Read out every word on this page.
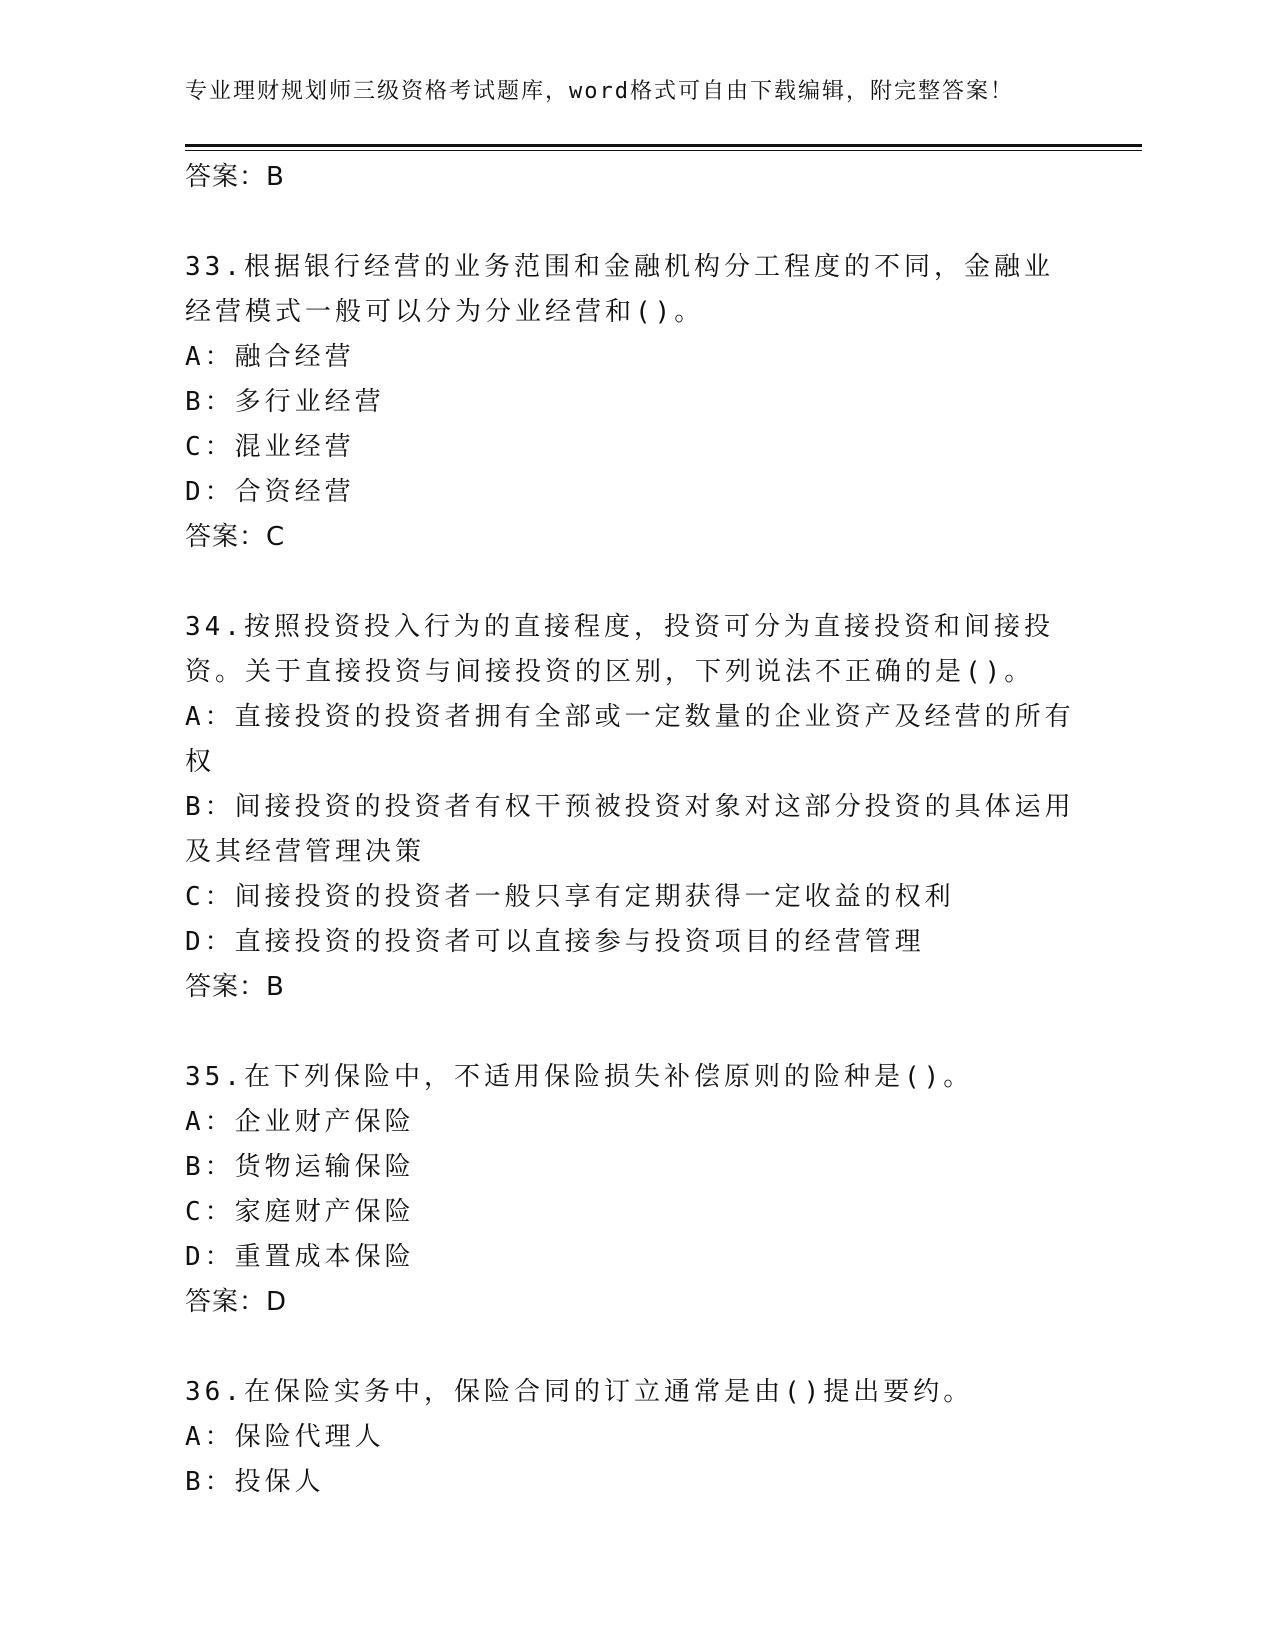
专业理财规划师三级资格考试题库，word格式可自由下载编辑，附完整答案！
答案：B
33.根据银行经营的业务范围和金融机构分工程度的不同，金融业经营模式一般可以分为分业经营和()。
A：融合经营
B：多行业经营
C：混业经营
D：合资经营
答案：C
34.按照投资投入行为的直接程度，投资可分为直接投资和间接投资。关于直接投资与间接投资的区别，下列说法不正确的是()。
A：直接投资的投资者拥有全部或一定数量的企业资产及经营的所有权
B：间接投资的投资者有权干预被投资对象对这部分投资的具体运用及其经营管理决策
C：间接投资的投资者一般只享有定期获得一定收益的权利
D：直接投资的投资者可以直接参与投资项目的经营管理
答案：B
35.在下列保险中，不适用保险损失补偿原则的险种是()。
A：企业财产保险
B：货物运输保险
C：家庭财产保险
D：重置成本保险
答案：D
36.在保险实务中，保险合同的订立通常是由()提出要约。
A：保险代理人
B：投保人
